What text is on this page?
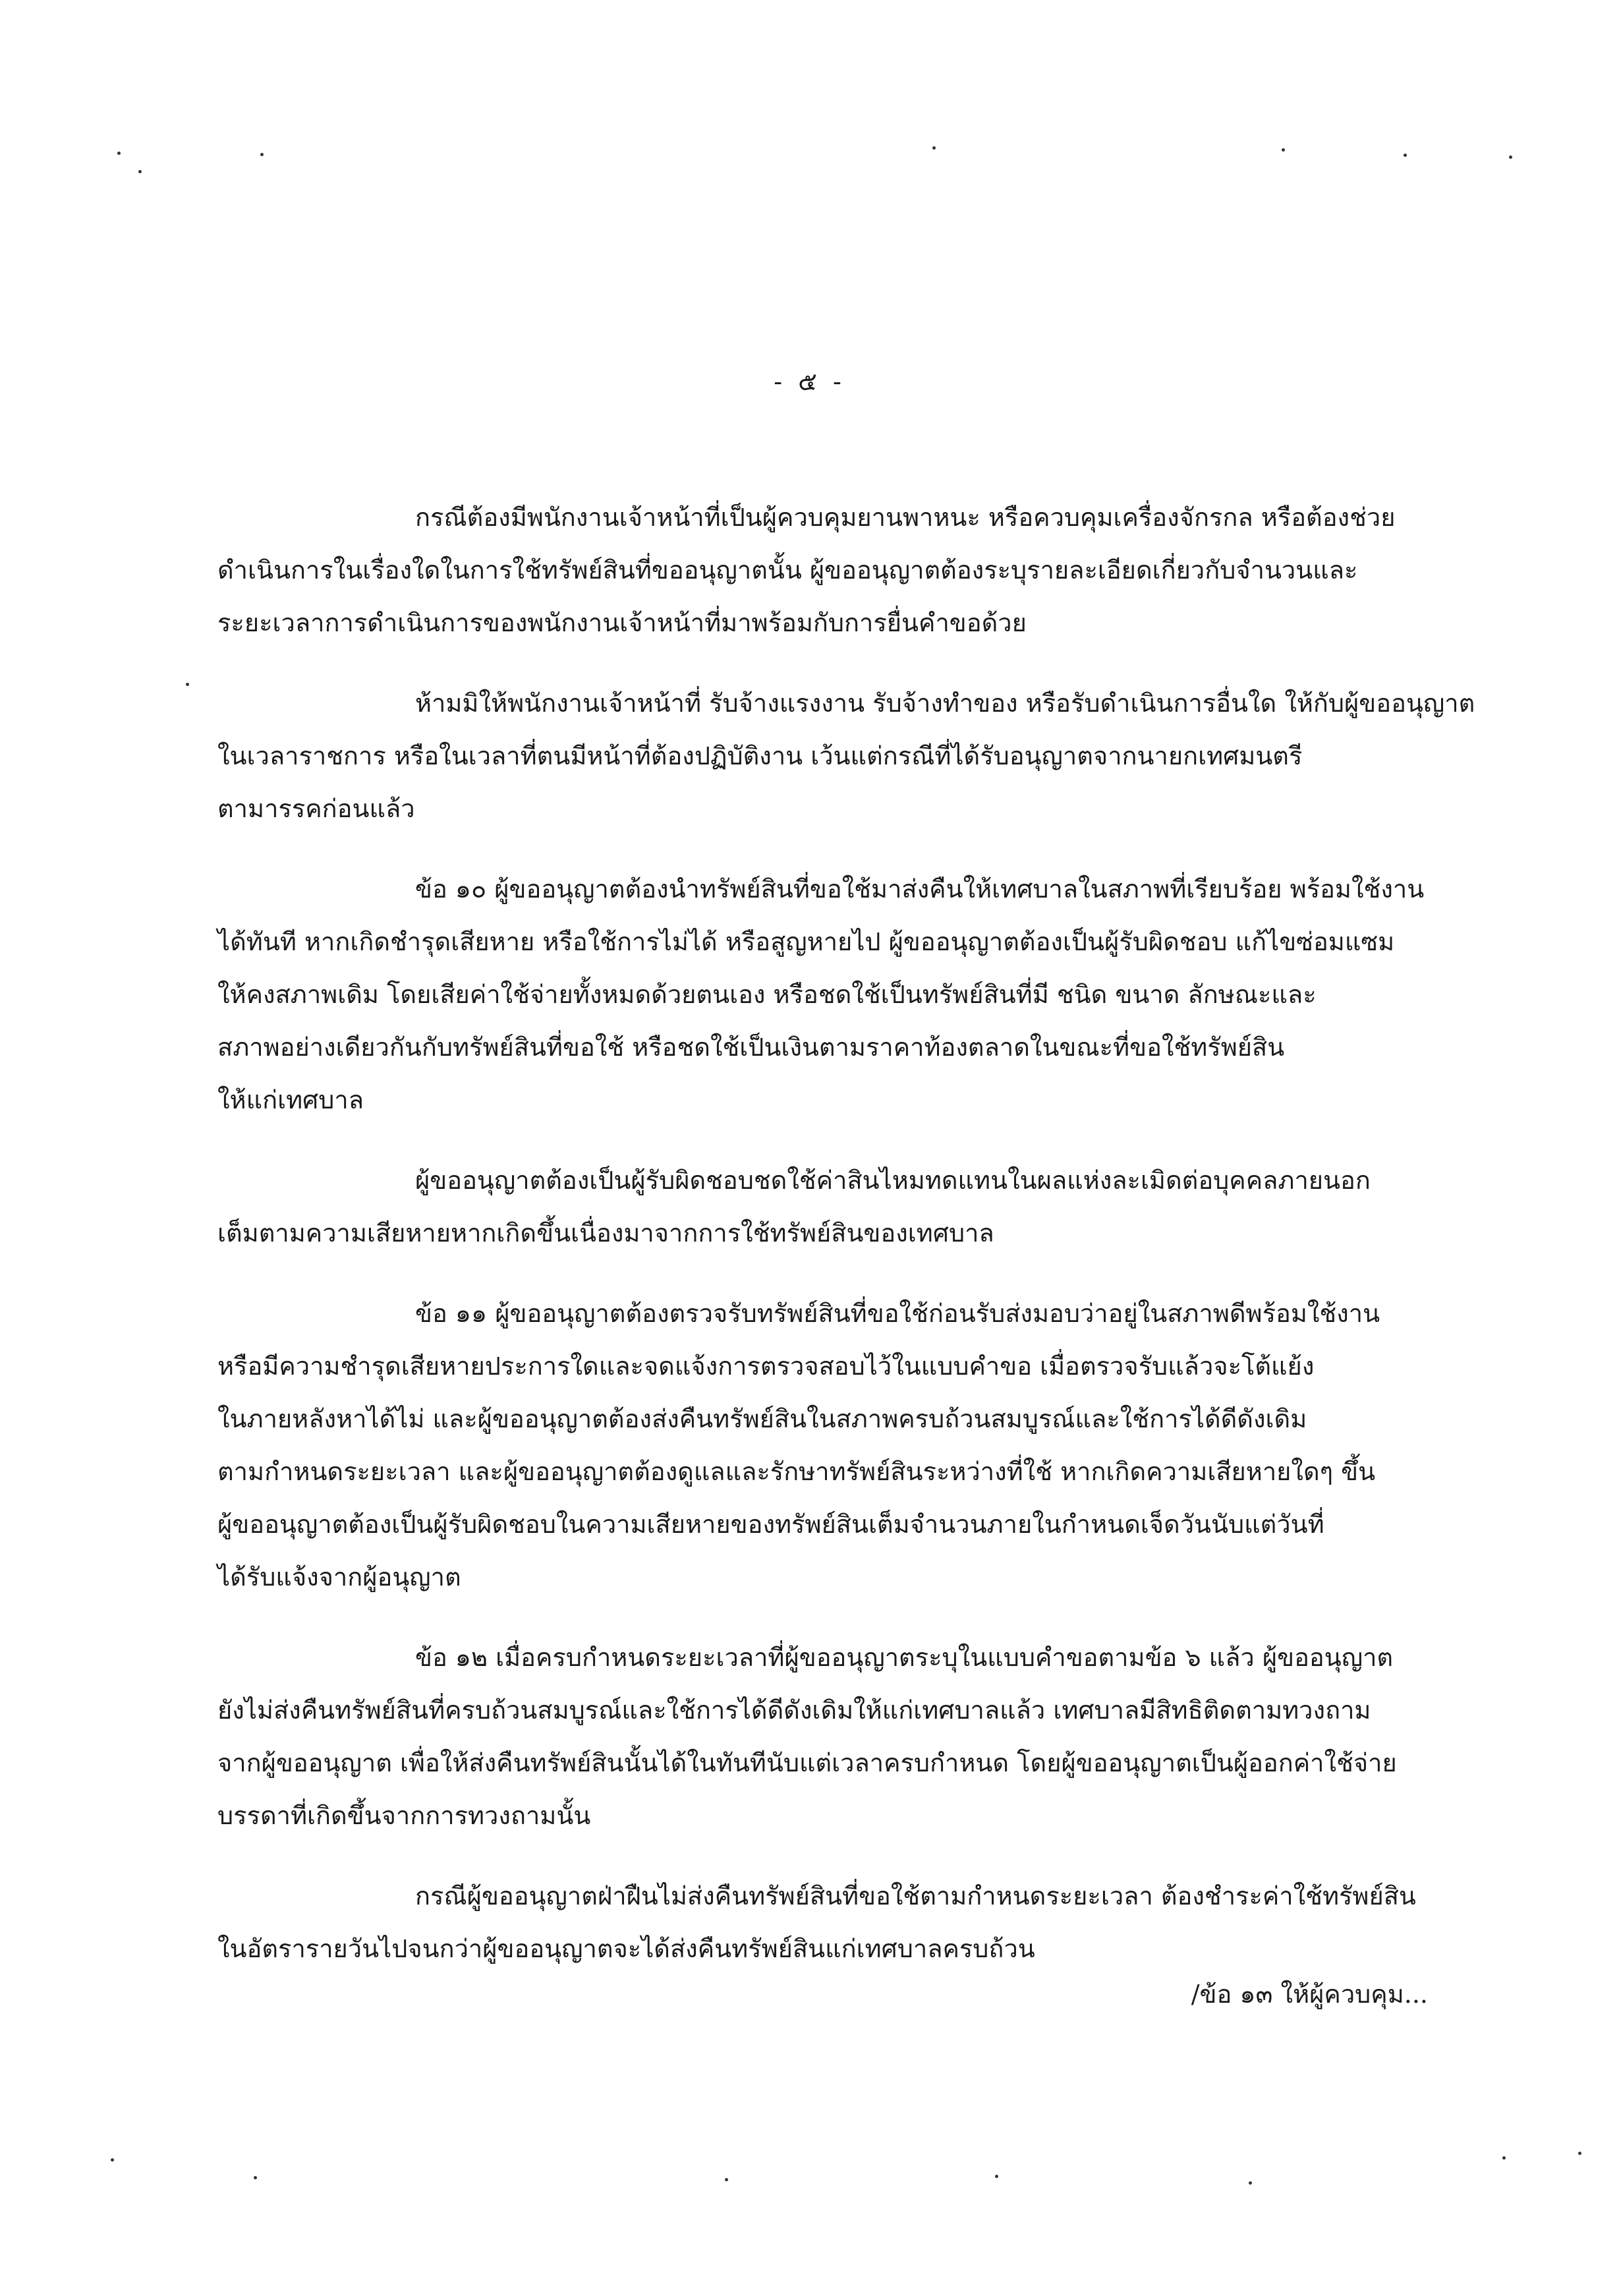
- ๕ -

กรณีต้องมีพนักงานเจ้าหน้าที่เป็นผู้ควบคุมยานพาหนะ หรือควบคุมเครื่องจักรกล หรือต้องช่วย
ดำเนินการในเรื่องใดในการใช้ทรัพย์สินที่ขออนุญาตนั้น ผู้ขออนุญาตต้องระบุรายละเอียดเกี่ยวกับจำนวนและ
ระยะเวลาการดำเนินการของพนักงานเจ้าหน้าที่มาพร้อมกับการยื่นคำขอด้วย

ห้ามมิให้พนักงานเจ้าหน้าที่ รับจ้างแรงงาน รับจ้างทำของ หรือรับดำเนินการอื่นใด ให้กับผู้ขออนุญาต
ในเวลาราชการ หรือในเวลาที่ตนมีหน้าที่ต้องปฏิบัติงาน เว้นแต่กรณีที่ได้รับอนุญาตจากนายกเทศมนตรี
ตามารรคก่อนแล้ว

ข้อ ๑๐ ผู้ขออนุญาตต้องนำทรัพย์สินที่ขอใช้มาส่งคืนให้เทศบาลในสภาพที่เรียบร้อย พร้อมใช้งาน
ได้ทันที หากเกิดชำรุดเสียหาย หรือใช้การไม่ได้ หรือสูญหายไป ผู้ขออนุญาตต้องเป็นผู้รับผิดชอบ แก้ไขซ่อมแซม
ให้คงสภาพเดิม โดยเสียค่าใช้จ่ายทั้งหมดด้วยตนเอง หรือชดใช้เป็นทรัพย์สินที่มี ชนิด ขนาด ลักษณะและ
สภาพอย่างเดียวกันกับทรัพย์สินที่ขอใช้ หรือชดใช้เป็นเงินตามราคาท้องตลาดในขณะที่ขอใช้ทรัพย์สิน
ให้แก่เทศบาล

ผู้ขออนุญาตต้องเป็นผู้รับผิดชอบชดใช้ค่าสินไหมทดแทนในผลแห่งละเมิดต่อบุคคลภายนอก
เต็มตามความเสียหายหากเกิดขึ้นเนื่องมาจากการใช้ทรัพย์สินของเทศบาล

ข้อ ๑๑ ผู้ขออนุญาตต้องตรวจรับทรัพย์สินที่ขอใช้ก่อนรับส่งมอบว่าอยู่ในสภาพดีพร้อมใช้งาน
หรือมีความชำรุดเสียหายประการใดและจดแจ้งการตรวจสอบไว้ในแบบคำขอ เมื่อตรวจรับแล้วจะโต้แย้ง
ในภายหลังหาได้ไม่ และผู้ขออนุญาตต้องส่งคืนทรัพย์สินในสภาพครบถ้วนสมบูรณ์และใช้การได้ดีดังเดิม
ตามกำหนดระยะเวลา และผู้ขออนุญาตต้องดูแลและรักษาทรัพย์สินระหว่างที่ใช้ หากเกิดความเสียหายใดๆ ขึ้น
ผู้ขออนุญาตต้องเป็นผู้รับผิดชอบในความเสียหายของทรัพย์สินเต็มจำนวนภายในกำหนดเจ็ดวันนับแต่วันที่
ได้รับแจ้งจากผู้อนุญาต

ข้อ ๑๒ เมื่อครบกำหนดระยะเวลาที่ผู้ขออนุญาตระบุในแบบคำขอตามข้อ ๖ แล้ว ผู้ขออนุญาต
ยังไม่ส่งคืนทรัพย์สินที่ครบถ้วนสมบูรณ์และใช้การได้ดีดังเดิมให้แก่เทศบาลแล้ว เทศบาลมีสิทธิติดตามทวงถาม
จากผู้ขออนุญาต เพื่อให้ส่งคืนทรัพย์สินนั้นได้ในทันทีนับแต่เวลาครบกำหนด โดยผู้ขออนุญาตเป็นผู้ออกค่าใช้จ่าย
บรรดาที่เกิดขึ้นจากการทวงถามนั้น

กรณีผู้ขออนุญาตฝ่าฝืนไม่ส่งคืนทรัพย์สินที่ขอใช้ตามกำหนดระยะเวลา ต้องชำระค่าใช้ทรัพย์สิน
ในอัตรารายวันไปจนกว่าผู้ขออนุญาตจะได้ส่งคืนทรัพย์สินแก่เทศบาลครบถ้วน

/ข้อ ๑๓ ให้ผู้ควบคุม...
